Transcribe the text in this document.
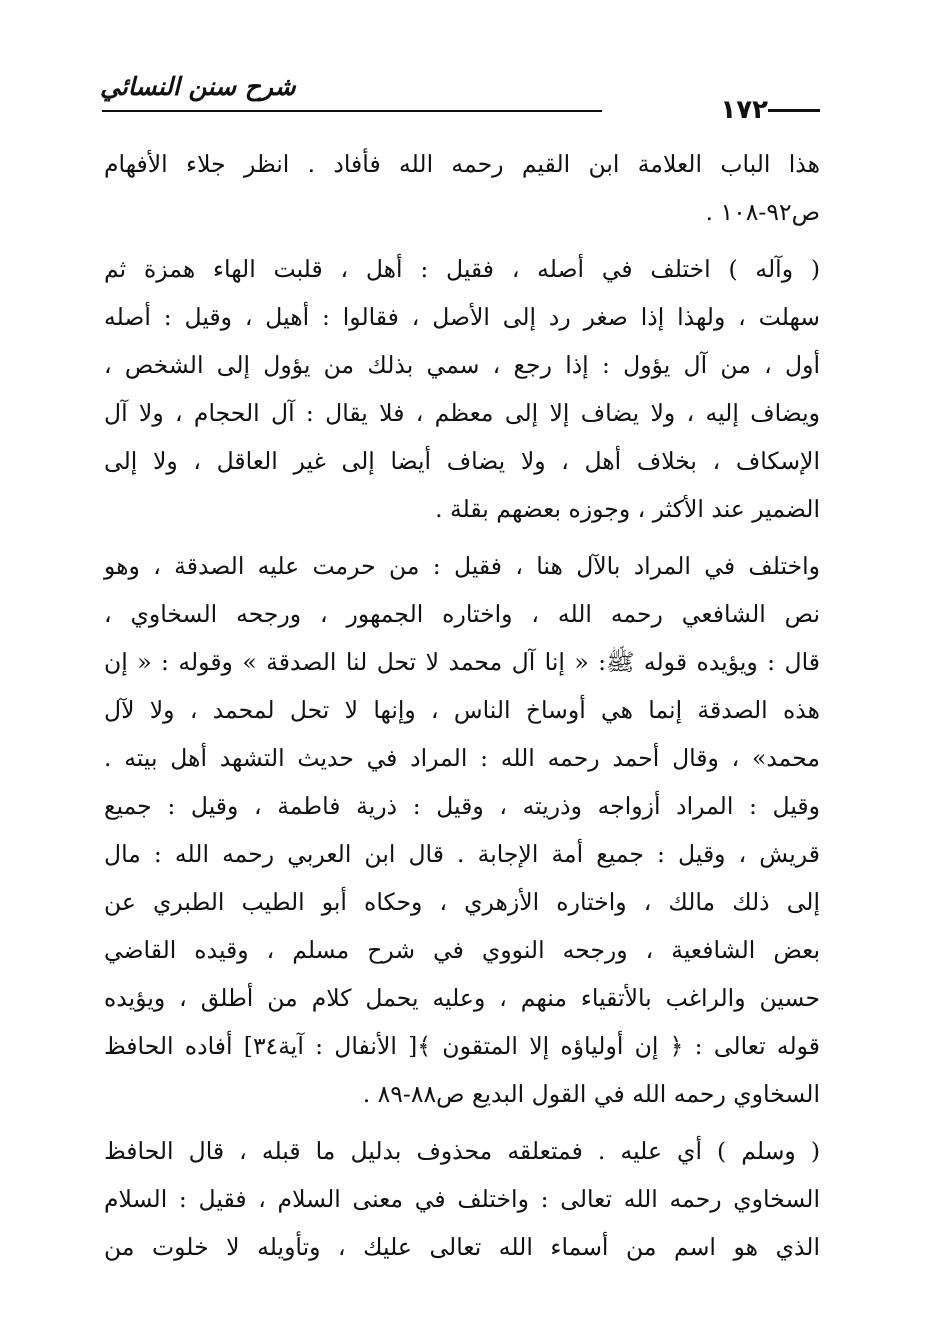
شرح سنن النسائي
١٧٢
هذا الباب العلامة ابن القيم رحمه الله فأفاد . انظر جلاء الأفهام
ص٩٢-١٠٨ .
( وآله ) اختلف في أصله ، فقيل : أهل ، قلبت الهاء همزة ثم
سهلت ، ولهذا إذا صغر رد إلى الأصل ، فقالوا : أهيل ، وقيل : أصله
أول ، من آل يؤول : إذا رجع ، سمي بذلك من يؤول إلى الشخص ،
ويضاف إليه ، ولا يضاف إلا إلى معظم ، فلا يقال : آل الحجام ، ولا آل
الإسكاف ، بخلاف أهل ، ولا يضاف أيضا إلى غير العاقل ، ولا إلى
الضمير عند الأكثر ، وجوزه بعضهم بقلة .
واختلف في المراد بالآل هنا ، فقيل : من حرمت عليه الصدقة ، وهو
نص الشافعي رحمه الله ، واختاره الجمهور ، ورجحه السخاوي ،
قال : ويؤيده قوله ﷺ: « إنا آل محمد لا تحل لنا الصدقة » وقوله : « إن
هذه الصدقة إنما هي أوساخ الناس ، وإنها لا تحل لمحمد ، ولا لآل
محمد» ، وقال أحمد رحمه الله : المراد في حديث التشهد أهل بيته .
وقيل : المراد أزواجه وذريته ، وقيل : ذرية فاطمة ، وقيل : جميع
قريش ، وقيل : جميع أمة الإجابة . قال ابن العربي رحمه الله : مال
إلى ذلك مالك ، واختاره الأزهري ، وحكاه أبو الطيب الطبري عن
بعض الشافعية ، ورجحه النووي في شرح مسلم ، وقيده القاضي
حسين والراغب بالأتقياء منهم ، وعليه يحمل كلام من أطلق ، ويؤيده
قوله تعالى : ﴿ إن أولياؤه إلا المتقون ﴾[ الأنفال : آية٣٤] أفاده الحافظ
السخاوي رحمه الله في القول البديع ص٨٨-٨٩ .
( وسلم ) أي عليه . فمتعلقه محذوف بدليل ما قبله ، قال الحافظ
السخاوي رحمه الله تعالى : واختلف في معنى السلام ، فقيل : السلام
الذي هو اسم من أسماء الله تعالى عليك ، وتأويله لا خلوت من
